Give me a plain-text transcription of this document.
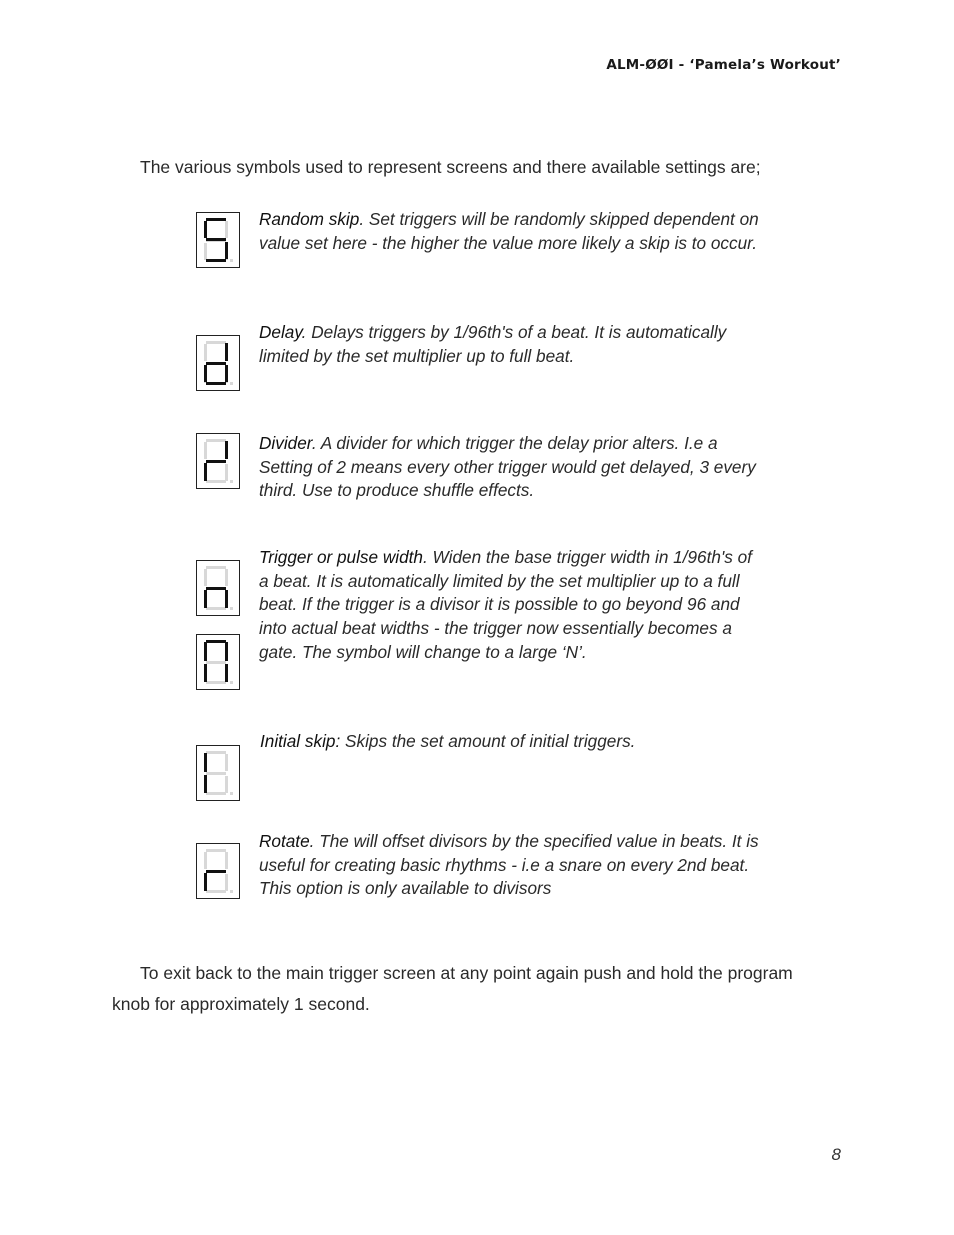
ALM-ØØI - ‘Pamela’s Workout’
The various symbols used to represent screens and there available settings are;
Random skip. Set triggers will be randomly skipped dependent on value set here - the higher the value more likely a skip is to occur.
Delay. Delays triggers by 1/96th's of a beat. It is automatically limited by the set multiplier up to full beat.
Divider. A divider for which trigger the delay prior alters. I.e a Setting of 2 means every other trigger would get delayed, 3 every third. Use to produce shuffle effects.
Trigger or pulse width. Widen the base trigger width in 1/96th's of a beat. It is automatically limited by the set multiplier up to a full beat. If the trigger is a divisor it is possible to go beyond 96 and into actual beat widths - the trigger now essentially becomes a gate. The symbol will change to a large ‘N’.
Initial skip: Skips the set amount of initial triggers.
Rotate. The will offset divisors by the specified value in beats. It is useful for creating basic rhythms - i.e a snare on every 2nd beat. This option is only available to divisors
To exit back to the main trigger screen at any point again push and hold the program knob for approximately 1 second.
8
